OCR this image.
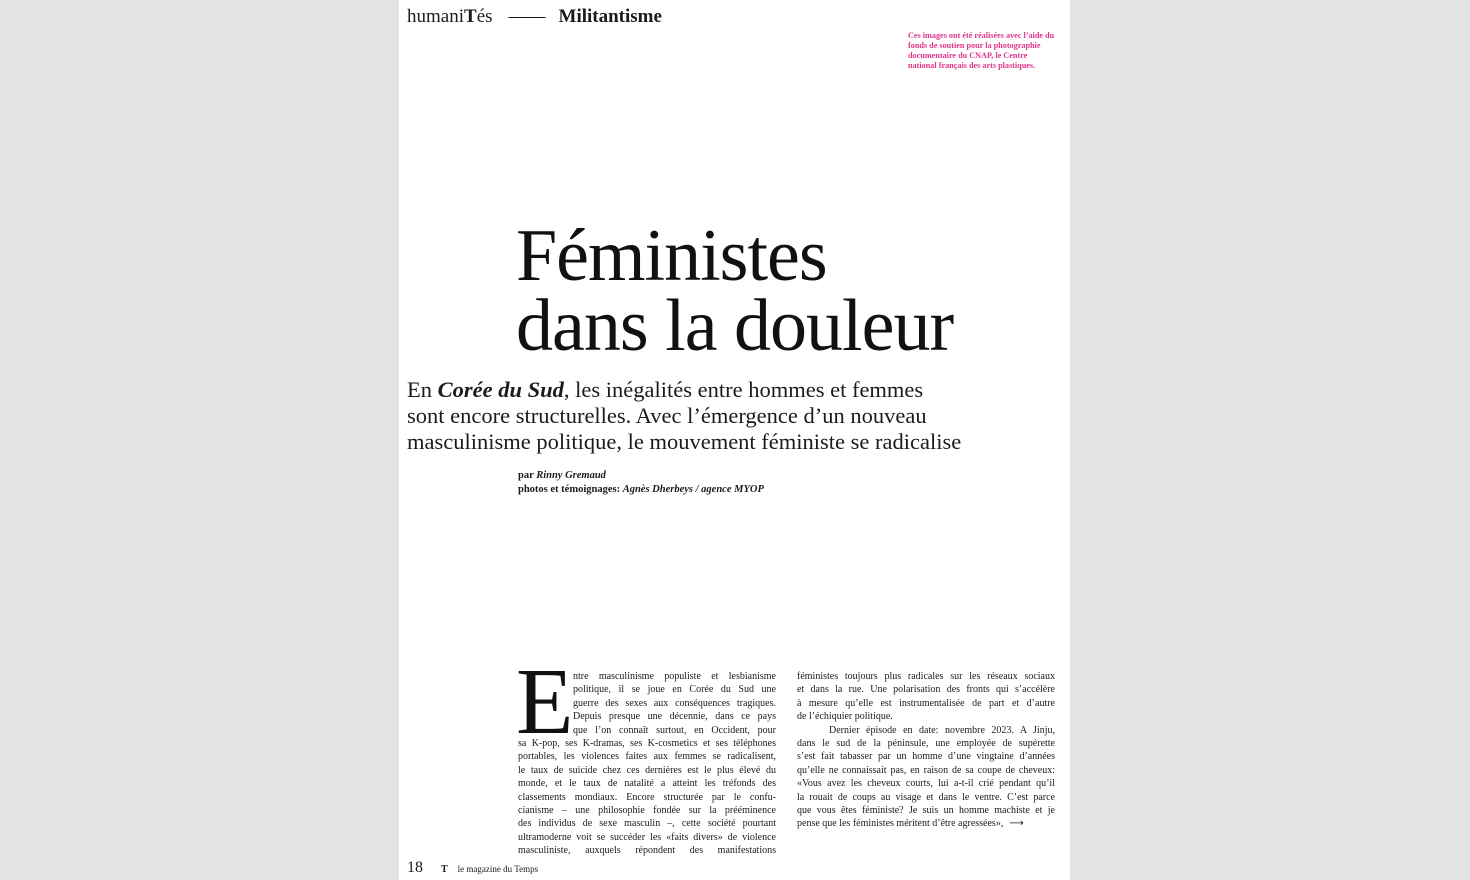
humaniTés —— Militantisme
Ces images ont été réalisées avec l’aide du fonds de soutien pour la photographie documentaire du CNAP, le Centre national français des arts plastiques.
Féministes
dans la douleur

En Corée du Sud, les inégalités entre hommes et femmes
sont encore structurelles. Avec l’émergence d’un nouveau
masculinisme politique, le mouvement féministe se radicalise

par Rinny Gremaud
photos et témoignages: Agnès Dherbeys / agence MYOP
E ntre masculinisme populiste et lesbianisme
politique, il se joue en Corée du Sud une
guerre des sexes aux conséquences tragiques.
Depuis presque une décennie, dans ce pays
que l’on connaît surtout, en Occident, pour
sa K-pop, ses K-dramas, ses K-cosmetics et ses téléphones
portables, les violences faites aux femmes se radicalisent,
le taux de suicide chez ces dernières est le plus élevé du
monde, et le taux de natalité a atteint les tréfonds des
classements mondiaux. Encore structurée par le confu-
cianisme – une philosophie fondée sur la prééminence
des individus de sexe masculin –, cette société pourtant
ultramoderne voit se succéder les «faits divers» de violence
masculiniste, auxquels répondent des manifestations
féministes toujours plus radicales sur les réseaux sociaux
et dans la rue. Une polarisation des fronts qui s’accélère
à mesure qu’elle est instrumentalisée de part et d’autre
de l’échiquier politique.
Dernier épisode en date: novembre 2023. A Jinju,
dans le sud de la péninsule, une employée de supérette
s’est fait tabasser par un homme d’une vingtaine d’années
qu’elle ne connaissait pas, en raison de sa coupe de cheveux:
«Vous avez les cheveux courts, lui a-t-il crié pendant qu’il
la rouait de coups au visage et dans le ventre. C’est parce
que vous êtes féministe? Je suis un homme machiste et je
pense que les féministes méritent d’être agressées», ⟶
18 T le magazine du Temps
